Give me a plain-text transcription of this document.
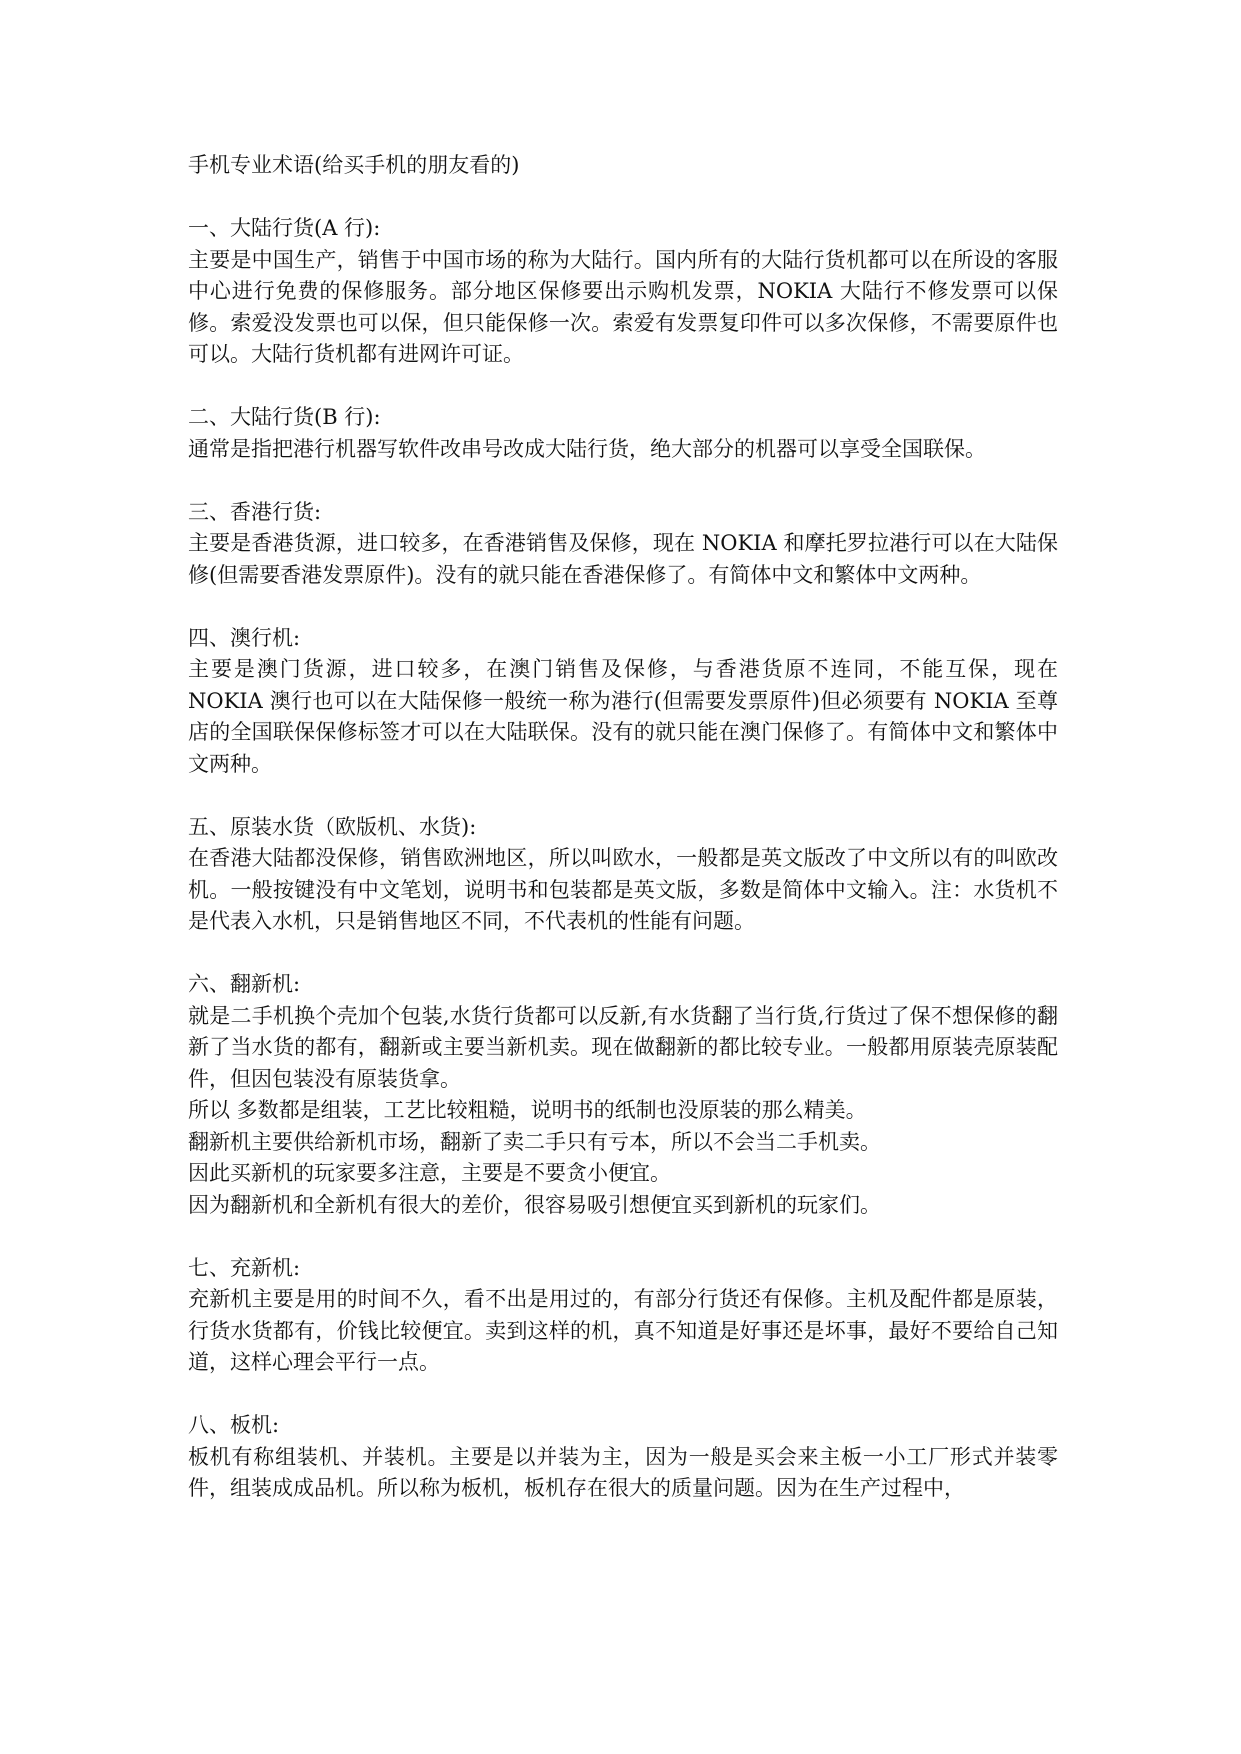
手机专业术语(给买手机的朋友看的)

一、大陆行货(A 行):

主要是中国生产，销售于中国市场的称为大陆行。国内所有的大陆行货机都可以在所设的客服中心进行免费的保修服务。部分地区保修要出示购机发票，NOKIA 大陆行不修发票可以保修。索爱没发票也可以保，但只能保修一次。索爱有发票复印件可以多次保修，不需要原件也可以。大陆行货机都有进网许可证。

二、大陆行货(B 行):

通常是指把港行机器写软件改串号改成大陆行货，绝大部分的机器可以享受全国联保。

三、香港行货:

主要是香港货源，进口较多，在香港销售及保修，现在 NOKIA 和摩托罗拉港行可以在大陆保修(但需要香港发票原件)。没有的就只能在香港保修了。有简体中文和繁体中文两种。

四、澳行机:

主要是澳门货源，进口较多，在澳门销售及保修，与香港货原不连同，不能互保，现在 NOKIA 澳行也可以在大陆保修一般统一称为港行(但需要发票原件)但必须要有 NOKIA 至尊店的全国联保保修标签才可以在大陆联保。没有的就只能在澳门保修了。有简体中文和繁体中文两种。

五、原装水货（欧版机、水货):

在香港大陆都没保修，销售欧洲地区，所以叫欧水，一般都是英文版改了中文所以有的叫欧改机。一般按键没有中文笔划，说明书和包装都是英文版，多数是简体中文输入。注：水货机不是代表入水机，只是销售地区不同，不代表机的性能有问题。

六、翻新机:

就是二手机换个壳加个包装,水货行货都可以反新,有水货翻了当行货,行货过了保不想保修的翻新了当水货的都有，翻新或主要当新机卖。现在做翻新的都比较专业。一般都用原装壳原装配件，但因包装没有原装货拿。

所以 多数都是组装，工艺比较粗糙，说明书的纸制也没原装的那么精美。

翻新机主要供给新机市场，翻新了卖二手只有亏本，所以不会当二手机卖。

因此买新机的玩家要多注意，主要是不要贪小便宜。

因为翻新机和全新机有很大的差价，很容易吸引想便宜买到新机的玩家们。

七、充新机:

充新机主要是用的时间不久，看不出是用过的，有部分行货还有保修。主机及配件都是原装，行货水货都有，价钱比较便宜。卖到这样的机，真不知道是好事还是坏事，最好不要给自己知道，这样心理会平行一点。

八、板机:

板机有称组装机、并装机。主要是以并装为主，因为一般是买会来主板一小工厂形式并装零件，组装成成品机。所以称为板机，板机存在很大的质量问题。因为在生产过程中，
